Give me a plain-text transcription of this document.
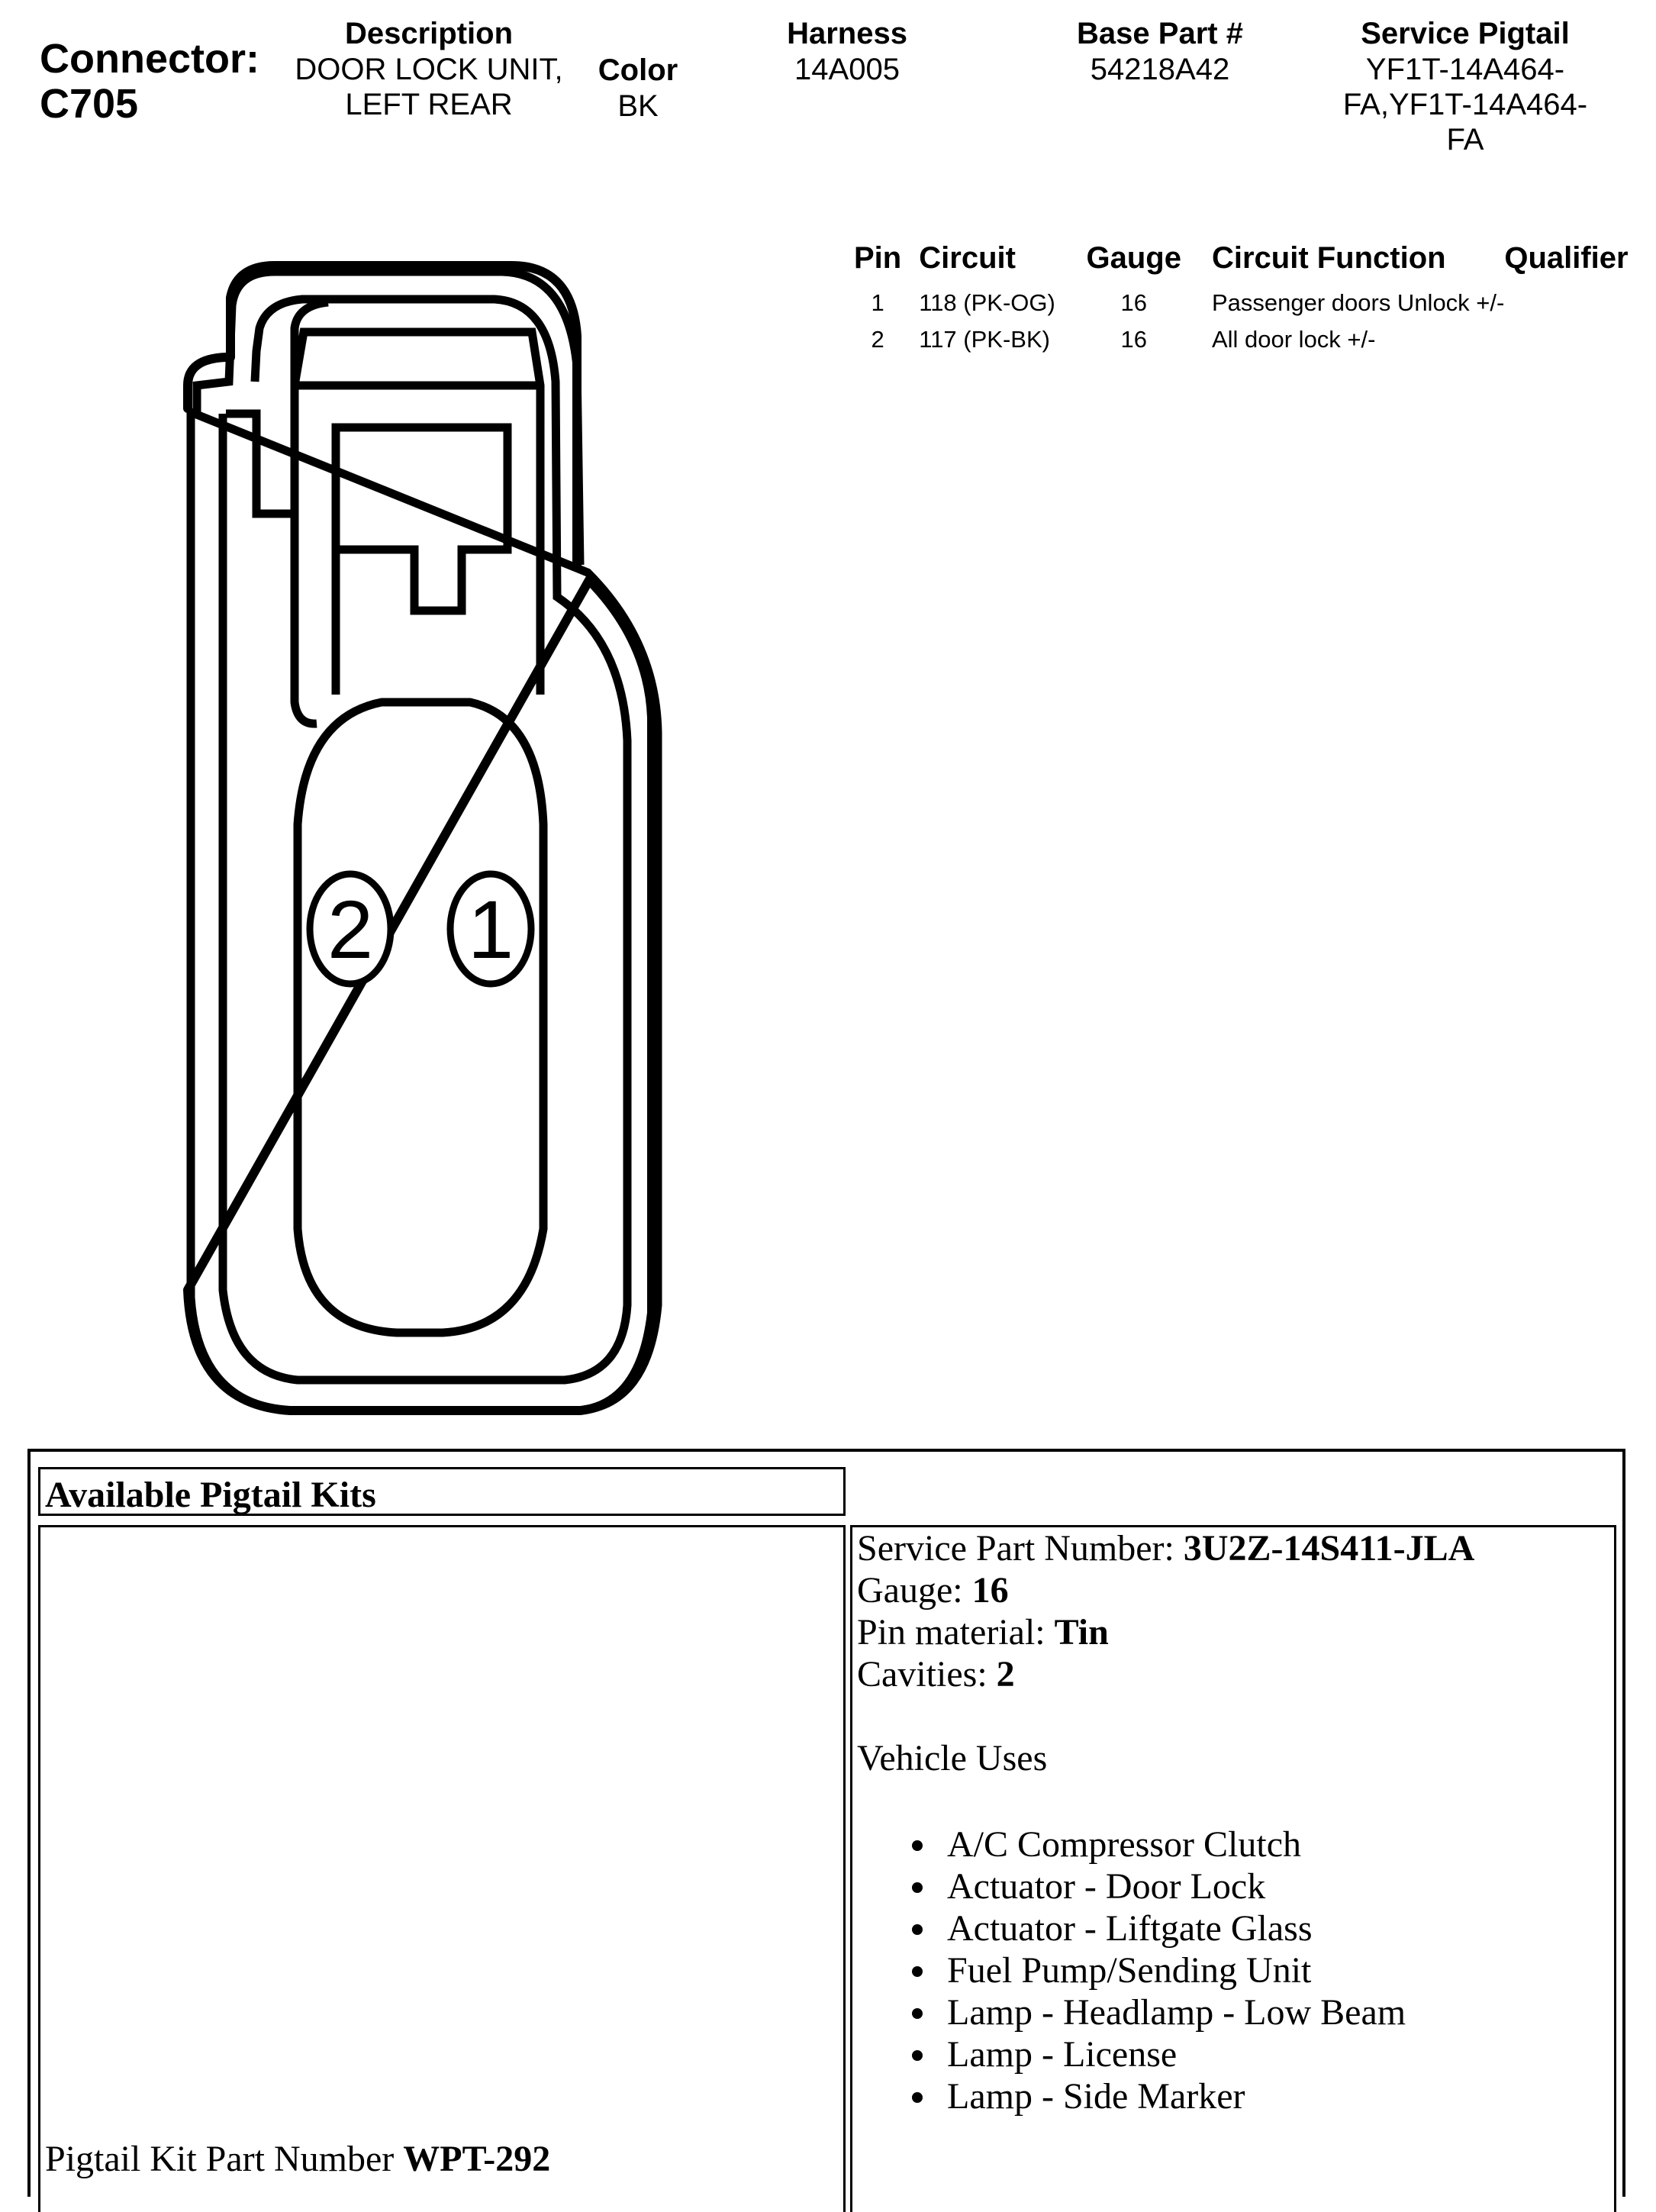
Connector:
C705
Description
DOOR LOCK UNIT,
LEFT REAR
Color
BK
Harness
14A005
Base Part #
54218A42
Service Pigtail
YF1T-14A464-
FA,YF1T-14A464-
FA
Pin	Circuit	Gauge	Circuit Function	Qualifier
1	118 (PK-OG)	16	Passenger doors Unlock +/-	
2	117 (PK-BK)	16	All door lock +/-	
2 1
Available Pigtail Kits
Pigtail Kit Part Number WPT-292
Service Part Number: 3U2Z-14S411-JLA
Gauge: 16
Pin material: Tin
Cavities: 2
Vehicle Uses
A/C Compressor Clutch
Actuator - Door Lock
Actuator - Liftgate Glass
Fuel Pump/Sending Unit
Lamp - Headlamp - Low Beam
Lamp - License
Lamp - Side Marker
